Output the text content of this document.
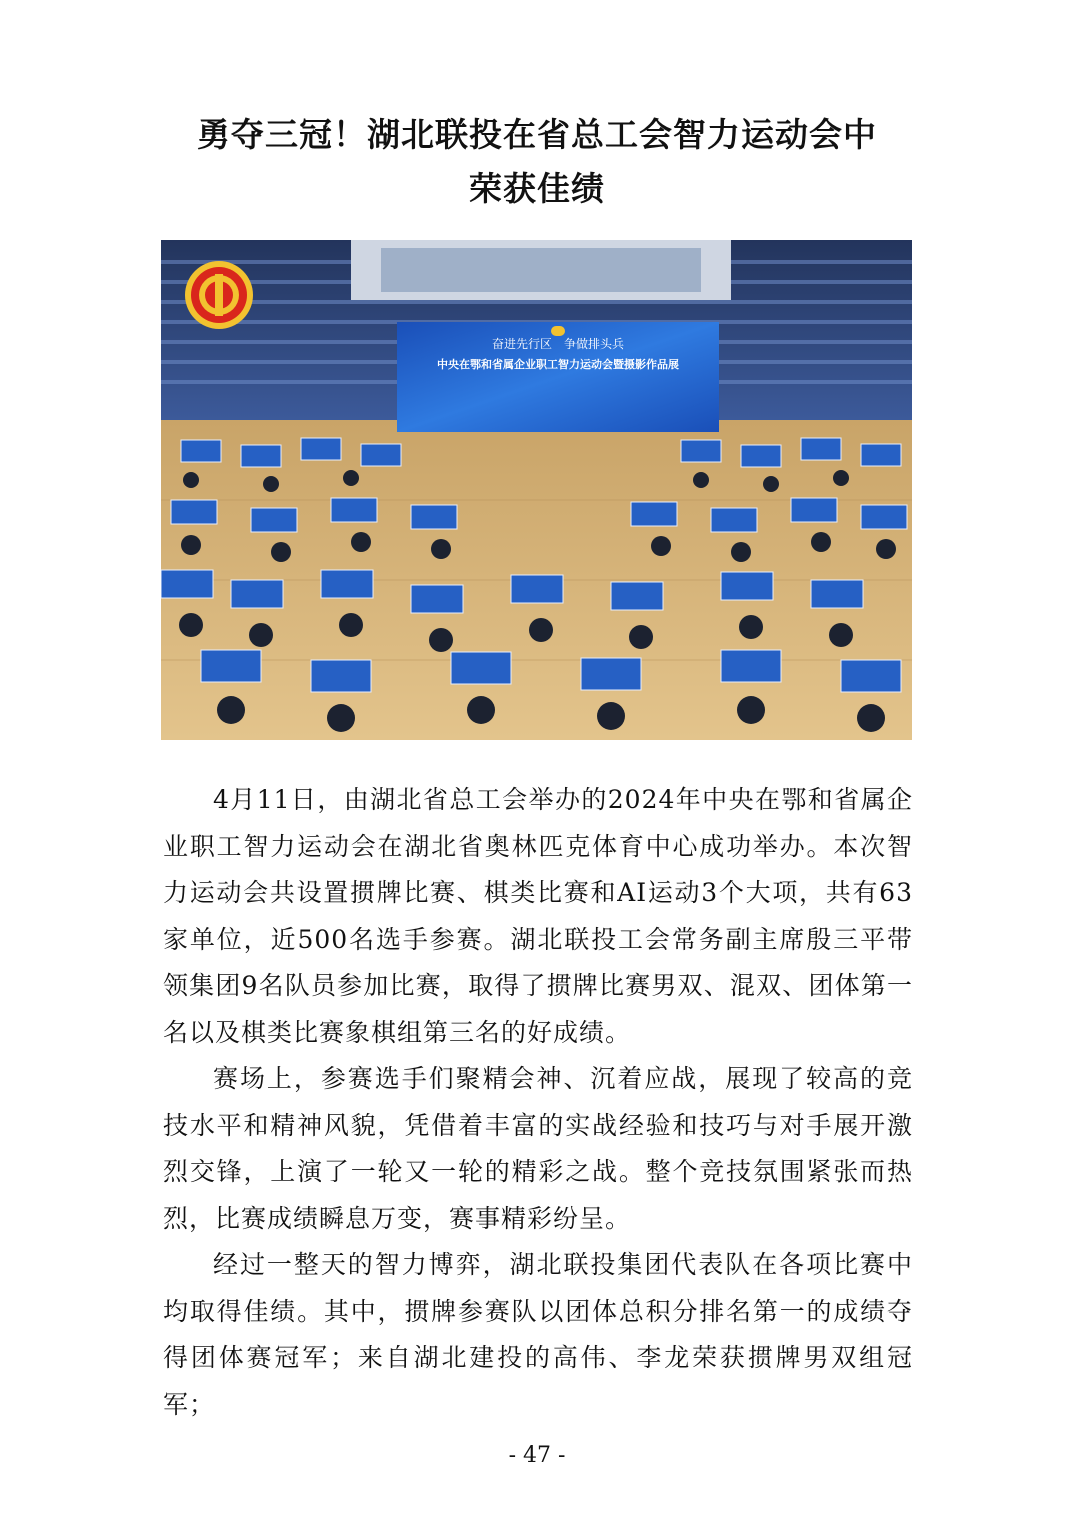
勇夺三冠！湖北联投在省总工会智力运动会中
荣获佳绩
奋进先行区　争做排头兵
中央在鄂和省属企业职工智力运动会暨摄影作品展

4月11日，由湖北省总工会举办的2024年中央在鄂和省属企业职工智力运动会在湖北省奥林匹克体育中心成功举办。本次智力运动会共设置掼牌比赛、棋类比赛和AI运动3个大项，共有63家单位，近500名选手参赛。湖北联投工会常务副主席殷三平带领集团9名队员参加比赛，取得了掼牌比赛男双、混双、团体第一名以及棋类比赛象棋组第三名的好成绩。

赛场上，参赛选手们聚精会神、沉着应战，展现了较高的竞技水平和精神风貌，凭借着丰富的实战经验和技巧与对手展开激烈交锋，上演了一轮又一轮的精彩之战。整个竞技氛围紧张而热烈，比赛成绩瞬息万变，赛事精彩纷呈。

经过一整天的智力博弈，湖北联投集团代表队在各项比赛中均取得佳绩。其中，掼牌参赛队以团体总积分排名第一的成绩夺得团体赛冠军；来自湖北建投的高伟、李龙荣获掼牌男双组冠军；

- 47 -
